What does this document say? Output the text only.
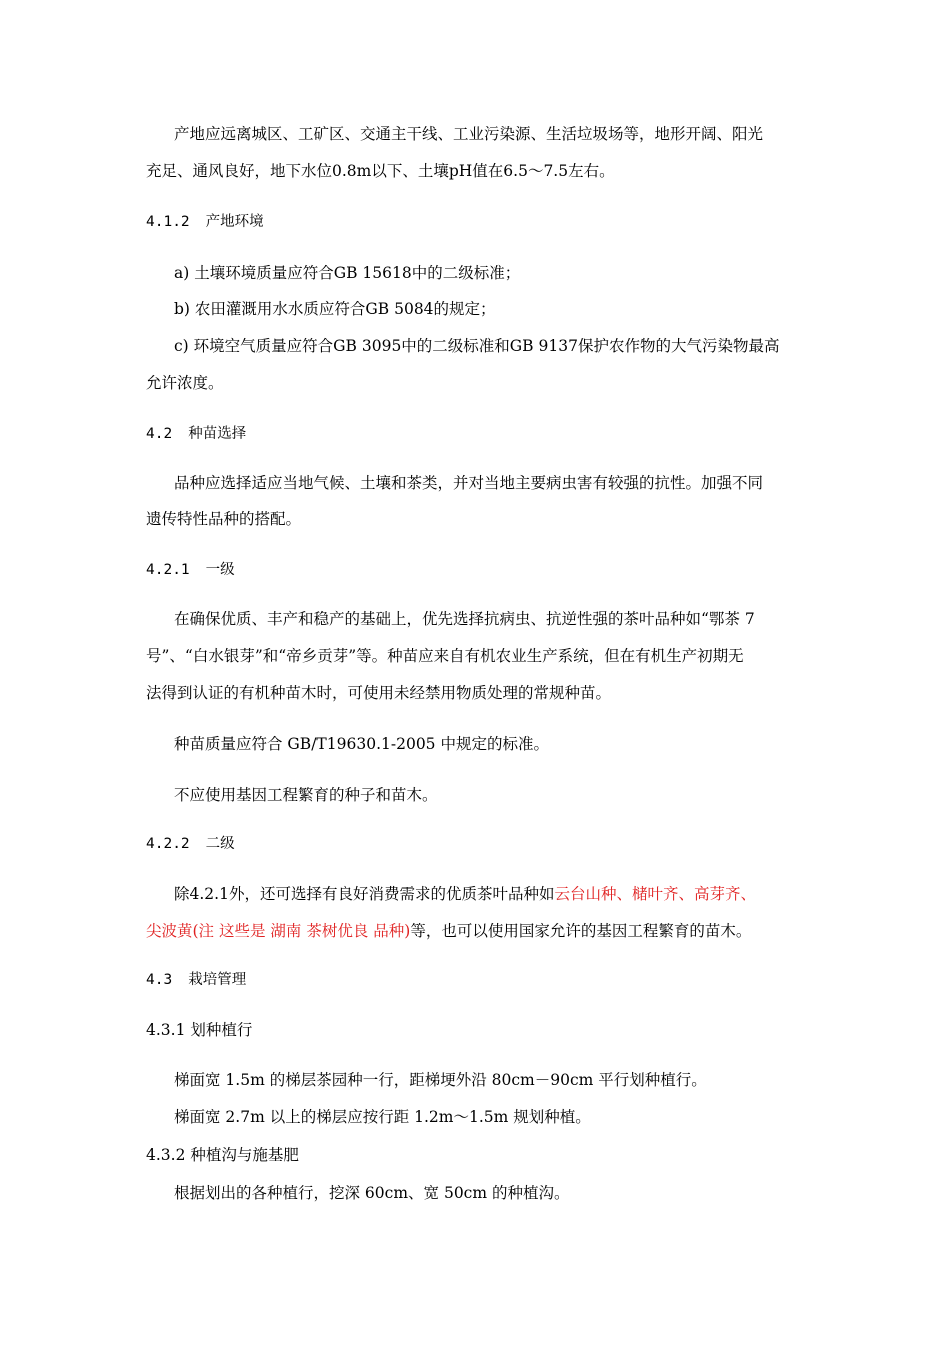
产地应远离城区、工矿区、交通主干线、工业污染源、生活垃圾场等，地形开阔、阳光
充足、通风良好，地下水位0.8m以下、土壤pH值在6.5～7.5左右。
4.1.2 产地环境
a) 土壤环境质量应符合GB 15618中的二级标准；
b) 农田灌溉用水水质应符合GB 5084的规定；
c) 环境空气质量应符合GB 3095中的二级标准和GB 9137保护农作物的大气污染物最高
允许浓度。
4.2 种苗选择
品种应选择适应当地气候、土壤和茶类，并对当地主要病虫害有较强的抗性。加强不同
遗传特性品种的搭配。
4.2.1 一级
在确保优质、丰产和稳产的基础上，优先选择抗病虫、抗逆性强的茶叶品种如“鄂茶 7
号”、“白水银芽”和“帝乡贡芽”等。种苗应来自有机农业生产系统，但在有机生产初期无
法得到认证的有机种苗木时，可使用未经禁用物质处理的常规种苗。
种苗质量应符合 GB/T19630.1-2005 中规定的标准。
不应使用基因工程繁育的种子和苗木。
4.2.2 二级
除4.2.1外，还可选择有良好消费需求的优质茶叶品种如云台山种、槠叶齐、高芽齐、
尖波黄(注 这些是 湖南 茶树优良 品种)等，也可以使用国家允许的基因工程繁育的苗木。
4.3 栽培管理
4.3.1 划种植行
梯面宽 1.5m 的梯层茶园种一行，距梯埂外沿 80cm－90cm 平行划种植行。
梯面宽 2.7m 以上的梯层应按行距 1.2m～1.5m 规划种植。
4.3.2 种植沟与施基肥
根据划出的各种植行，挖深 60cm、宽 50cm 的种植沟。
